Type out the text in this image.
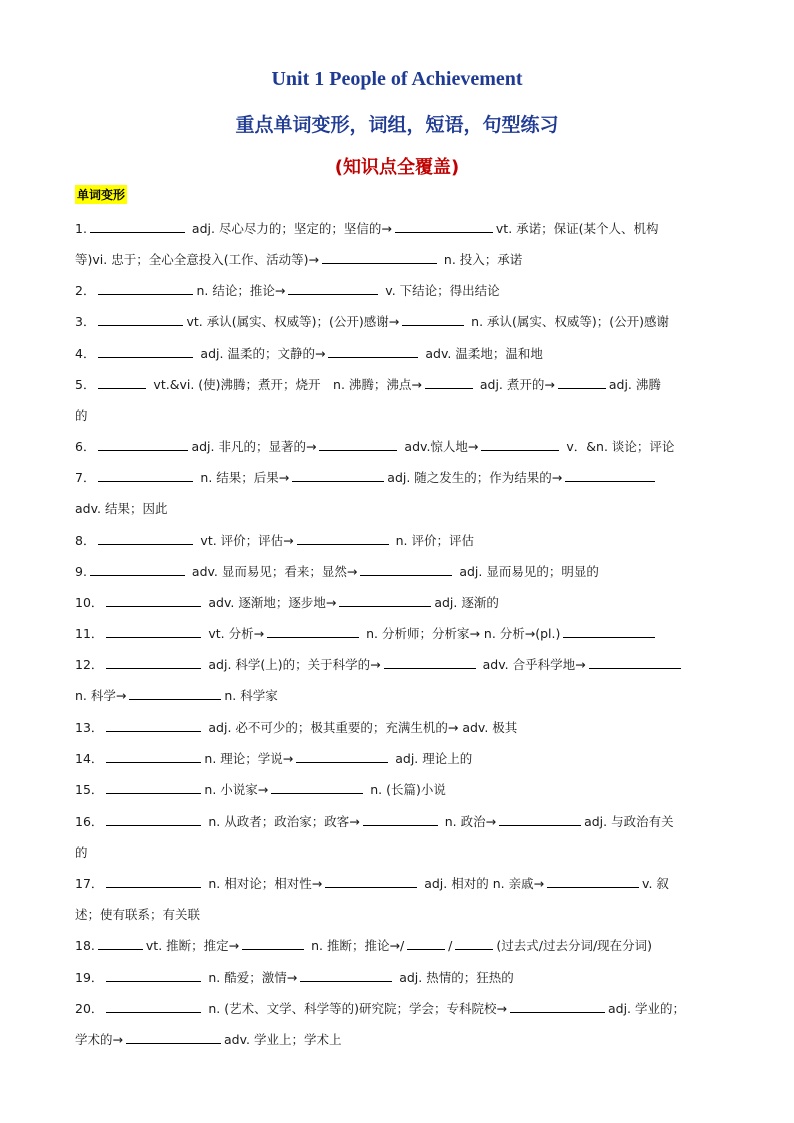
Unit 1 People of Achievement
重点单词变形，词组，短语，句型练习
(知识点全覆盖)
单词变形
1.	adj. 尽心尽力的；坚定的；坚信的→	vt. 承诺；保证(某个人、机构
等)vi. 忠于；全心全意投入(工作、活动等)→	n. 投入；承诺
2．	n. 结论；推论→	v. 下结论；得出结论
3．	vt. 承认(属实、权威等)；(公开)感谢→	n. 承认(属实、权威等)；(公开)感谢
4．	adj. 温柔的；文静的→	adv. 温柔地；温和地
5．	vt.&vi. (使)沸腾；煮开；烧开　n. 沸腾；沸点→	adj. 煮开的→	adj. 沸腾
的
6．	adj. 非凡的；显著的→	adv.惊人地→	v．&n. 谈论；评论
7．	n. 结果；后果→	adj. 随之发生的；作为结果的→
adv. 结果；因此
8．	vt. 评价；评估→	n. 评价；评估
9.	adv. 显而易见；看来；显然→	adj. 显而易见的；明显的
10．	adv. 逐渐地；逐步地→	adj. 逐渐的
11．	vt. 分析→	n. 分析师；分析家→ n. 分析→(pl.)
12．	adj. 科学(上)的；关于科学的→	adv. 合乎科学地→
n. 科学→	n. 科学家
13．	adj. 必不可少的；极其重要的；充满生机的→ adv. 极其
14．	n. 理论；学说→	adj. 理论上的
15．	n. 小说家→	n. (长篇)小说
16．	n. 从政者；政治家；政客→	n. 政治→	adj. 与政治有关
的
17．	n. 相对论；相对性→	adj. 相对的 n. 亲戚→	v. 叙
述；使有联系；有关联
18.	vt. 推断；推定→	n. 推断；推论→/	/	(过去式/过去分词/现在分词)
19．	n. 酷爱；激情→	adj. 热情的；狂热的
20．	n. (艺术、文学、科学等的)研究院；学会；专科院校→	adj. 学业的；
学术的→	adv. 学业上；学术上
